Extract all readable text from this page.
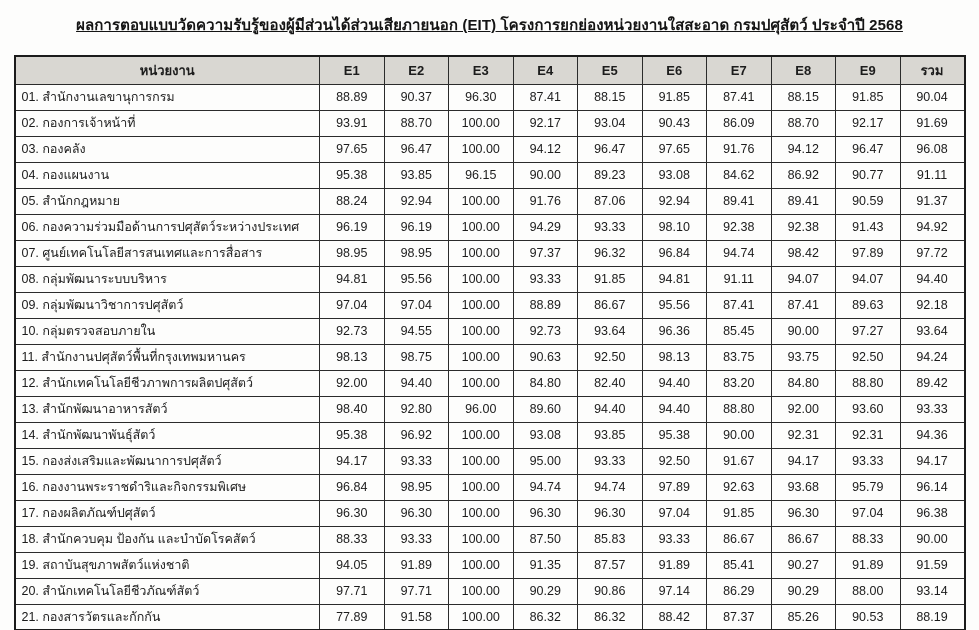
ผลการตอบแบบวัดความรับรู้ของผู้มีส่วนได้ส่วนเสียภายนอก (EIT) โครงการยกย่องหน่วยงานใสสะอาด กรมปศุสัตว์ ประจำปี 2568
หน่วยงาน	E1	E2	E3	E4	E5	E6	E7	E8	E9	รวม
01. สำนักงานเลขานุการกรม	88.89	90.37	96.30	87.41	88.15	91.85	87.41	88.15	91.85	90.04
02. กองการเจ้าหน้าที่	93.91	88.70	100.00	92.17	93.04	90.43	86.09	88.70	92.17	91.69
03. กองคลัง	97.65	96.47	100.00	94.12	96.47	97.65	91.76	94.12	96.47	96.08
04. กองแผนงาน	95.38	93.85	96.15	90.00	89.23	93.08	84.62	86.92	90.77	91.11
05. สำนักกฎหมาย	88.24	92.94	100.00	91.76	87.06	92.94	89.41	89.41	90.59	91.37
06. กองความร่วมมือด้านการปศุสัตว์ระหว่างประเทศ	96.19	96.19	100.00	94.29	93.33	98.10	92.38	92.38	91.43	94.92
07. ศูนย์เทคโนโลยีสารสนเทศและการสื่อสาร	98.95	98.95	100.00	97.37	96.32	96.84	94.74	98.42	97.89	97.72
08. กลุ่มพัฒนาระบบบริหาร	94.81	95.56	100.00	93.33	91.85	94.81	91.11	94.07	94.07	94.40
09. กลุ่มพัฒนาวิชาการปศุสัตว์	97.04	97.04	100.00	88.89	86.67	95.56	87.41	87.41	89.63	92.18
10. กลุ่มตรวจสอบภายใน	92.73	94.55	100.00	92.73	93.64	96.36	85.45	90.00	97.27	93.64
11. สำนักงานปศุสัตว์พื้นที่กรุงเทพมหานคร	98.13	98.75	100.00	90.63	92.50	98.13	83.75	93.75	92.50	94.24
12. สำนักเทคโนโลยีชีวภาพการผลิตปศุสัตว์	92.00	94.40	100.00	84.80	82.40	94.40	83.20	84.80	88.80	89.42
13. สำนักพัฒนาอาหารสัตว์	98.40	92.80	96.00	89.60	94.40	94.40	88.80	92.00	93.60	93.33
14. สำนักพัฒนาพันธุ์สัตว์	95.38	96.92	100.00	93.08	93.85	95.38	90.00	92.31	92.31	94.36
15. กองส่งเสริมและพัฒนาการปศุสัตว์	94.17	93.33	100.00	95.00	93.33	92.50	91.67	94.17	93.33	94.17
16. กองงานพระราชดำริและกิจกรรมพิเศษ	96.84	98.95	100.00	94.74	94.74	97.89	92.63	93.68	95.79	96.14
17. กองผลิตภัณฑ์ปศุสัตว์	96.30	96.30	100.00	96.30	96.30	97.04	91.85	96.30	97.04	96.38
18. สำนักควบคุม ป้องกัน และบำบัดโรคสัตว์	88.33	93.33	100.00	87.50	85.83	93.33	86.67	86.67	88.33	90.00
19. สถาบันสุขภาพสัตว์แห่งชาติ	94.05	91.89	100.00	91.35	87.57	91.89	85.41	90.27	91.89	91.59
20. สำนักเทคโนโลยีชีวภัณฑ์สัตว์	97.71	97.71	100.00	90.29	90.86	97.14	86.29	90.29	88.00	93.14
21. กองสารวัตรและกักกัน	77.89	91.58	100.00	86.32	86.32	88.42	87.37	85.26	90.53	88.19
